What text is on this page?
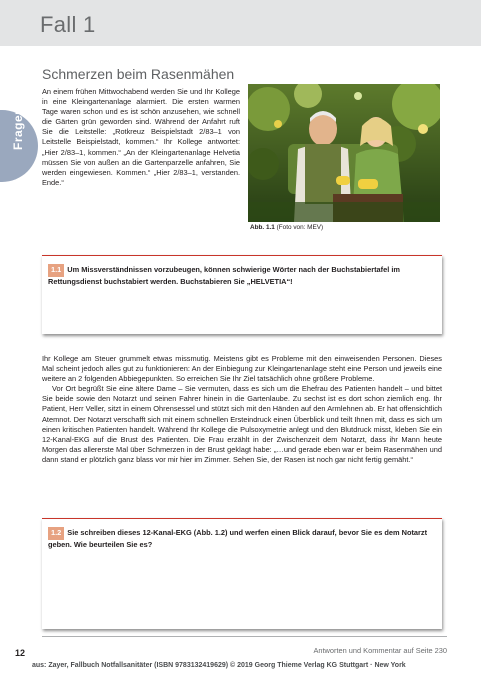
Fall 1
Fragen
Schmerzen beim Rasenmähen
An einem frühen Mittwochabend werden Sie und Ihr Kollege in eine Kleingartenanlage alarmiert. Die ersten warmen Tage waren schon und es ist schön anzusehen, wie schnell die Gärten grün geworden sind. Während der Anfahrt ruft Sie die Leitstelle: „Rotkreuz Beispielstadt 2/83–1 von Leitstelle Beispielstadt, kommen.“ Ihr Kollege antwortet: „Hier 2/83–1, kommen.“ „An der Kleingartenanlage Helvetia müssen Sie von außen an die Gartenparzelle anfahren, Sie werden eingewiesen. Kommen.“ „Hier 2/83–1, verstanden. Ende.“
Abb. 1.1 (Foto von: MEV)
1.1 Um Missverständnissen vorzubeugen, können schwierige Wörter nach der Buchstabiertafel im Rettungsdienst buchstabiert werden. Buchstabieren Sie „HELVETIA“!

Ihr Kollege am Steuer grummelt etwas missmutig. Meistens gibt es Probleme mit den einweisenden Personen. Dieses Mal scheint jedoch alles gut zu funktionieren: An der Einbiegung zur Kleingartenanlage steht eine Person und jeweils eine weitere an 2 folgenden Abbiegepunkten. So erreichen Sie Ihr Ziel tatsächlich ohne größere Probleme.

Vor Ort begrüßt Sie eine ältere Dame – Sie vermuten, dass es sich um die Ehefrau des Patienten handelt – und bittet Sie beide sowie den Notarzt und seinen Fahrer hinein in die Gartenlaube. Zu sechst ist es dort schon ziemlich eng. Ihr Patient, Herr Veller, sitzt in einem Ohrensessel und stützt sich mit den Händen auf den Armlehnen ab. Er hat offensichtlich Atemnot. Der Notarzt verschafft sich mit einem schnellen Ersteindruck einen Überblick und teilt Ihnen mit, dass es sich um einen kritischen Patienten handelt. Während Ihr Kollege die Pulsoxymetrie anlegt und den Blutdruck misst, kleben Sie ein 12-Kanal-EKG auf die Brust des Patienten. Die Frau erzählt in der Zwischenzeit dem Notarzt, dass ihr Mann heute Morgen das allererste Mal über Schmerzen in der Brust geklagt habe: „…und gerade eben war er beim Rasenmähen und dann stand er plötzlich ganz blass vor mir hier im Zimmer. Sehen Sie, der Rasen ist noch gar nicht fertig gemäht.“

1.2 Sie schreiben dieses 12-Kanal-EKG (Abb. 1.2) und werfen einen Blick darauf, bevor Sie es dem Notarzt geben. Wie beurteilen Sie es?
12	Antworten und Kommentar auf Seite 230
aus: Zayer, Fallbuch Notfallsanitäter (ISBN 9783132419629) © 2019 Georg Thieme Verlag KG Stuttgart · New York
